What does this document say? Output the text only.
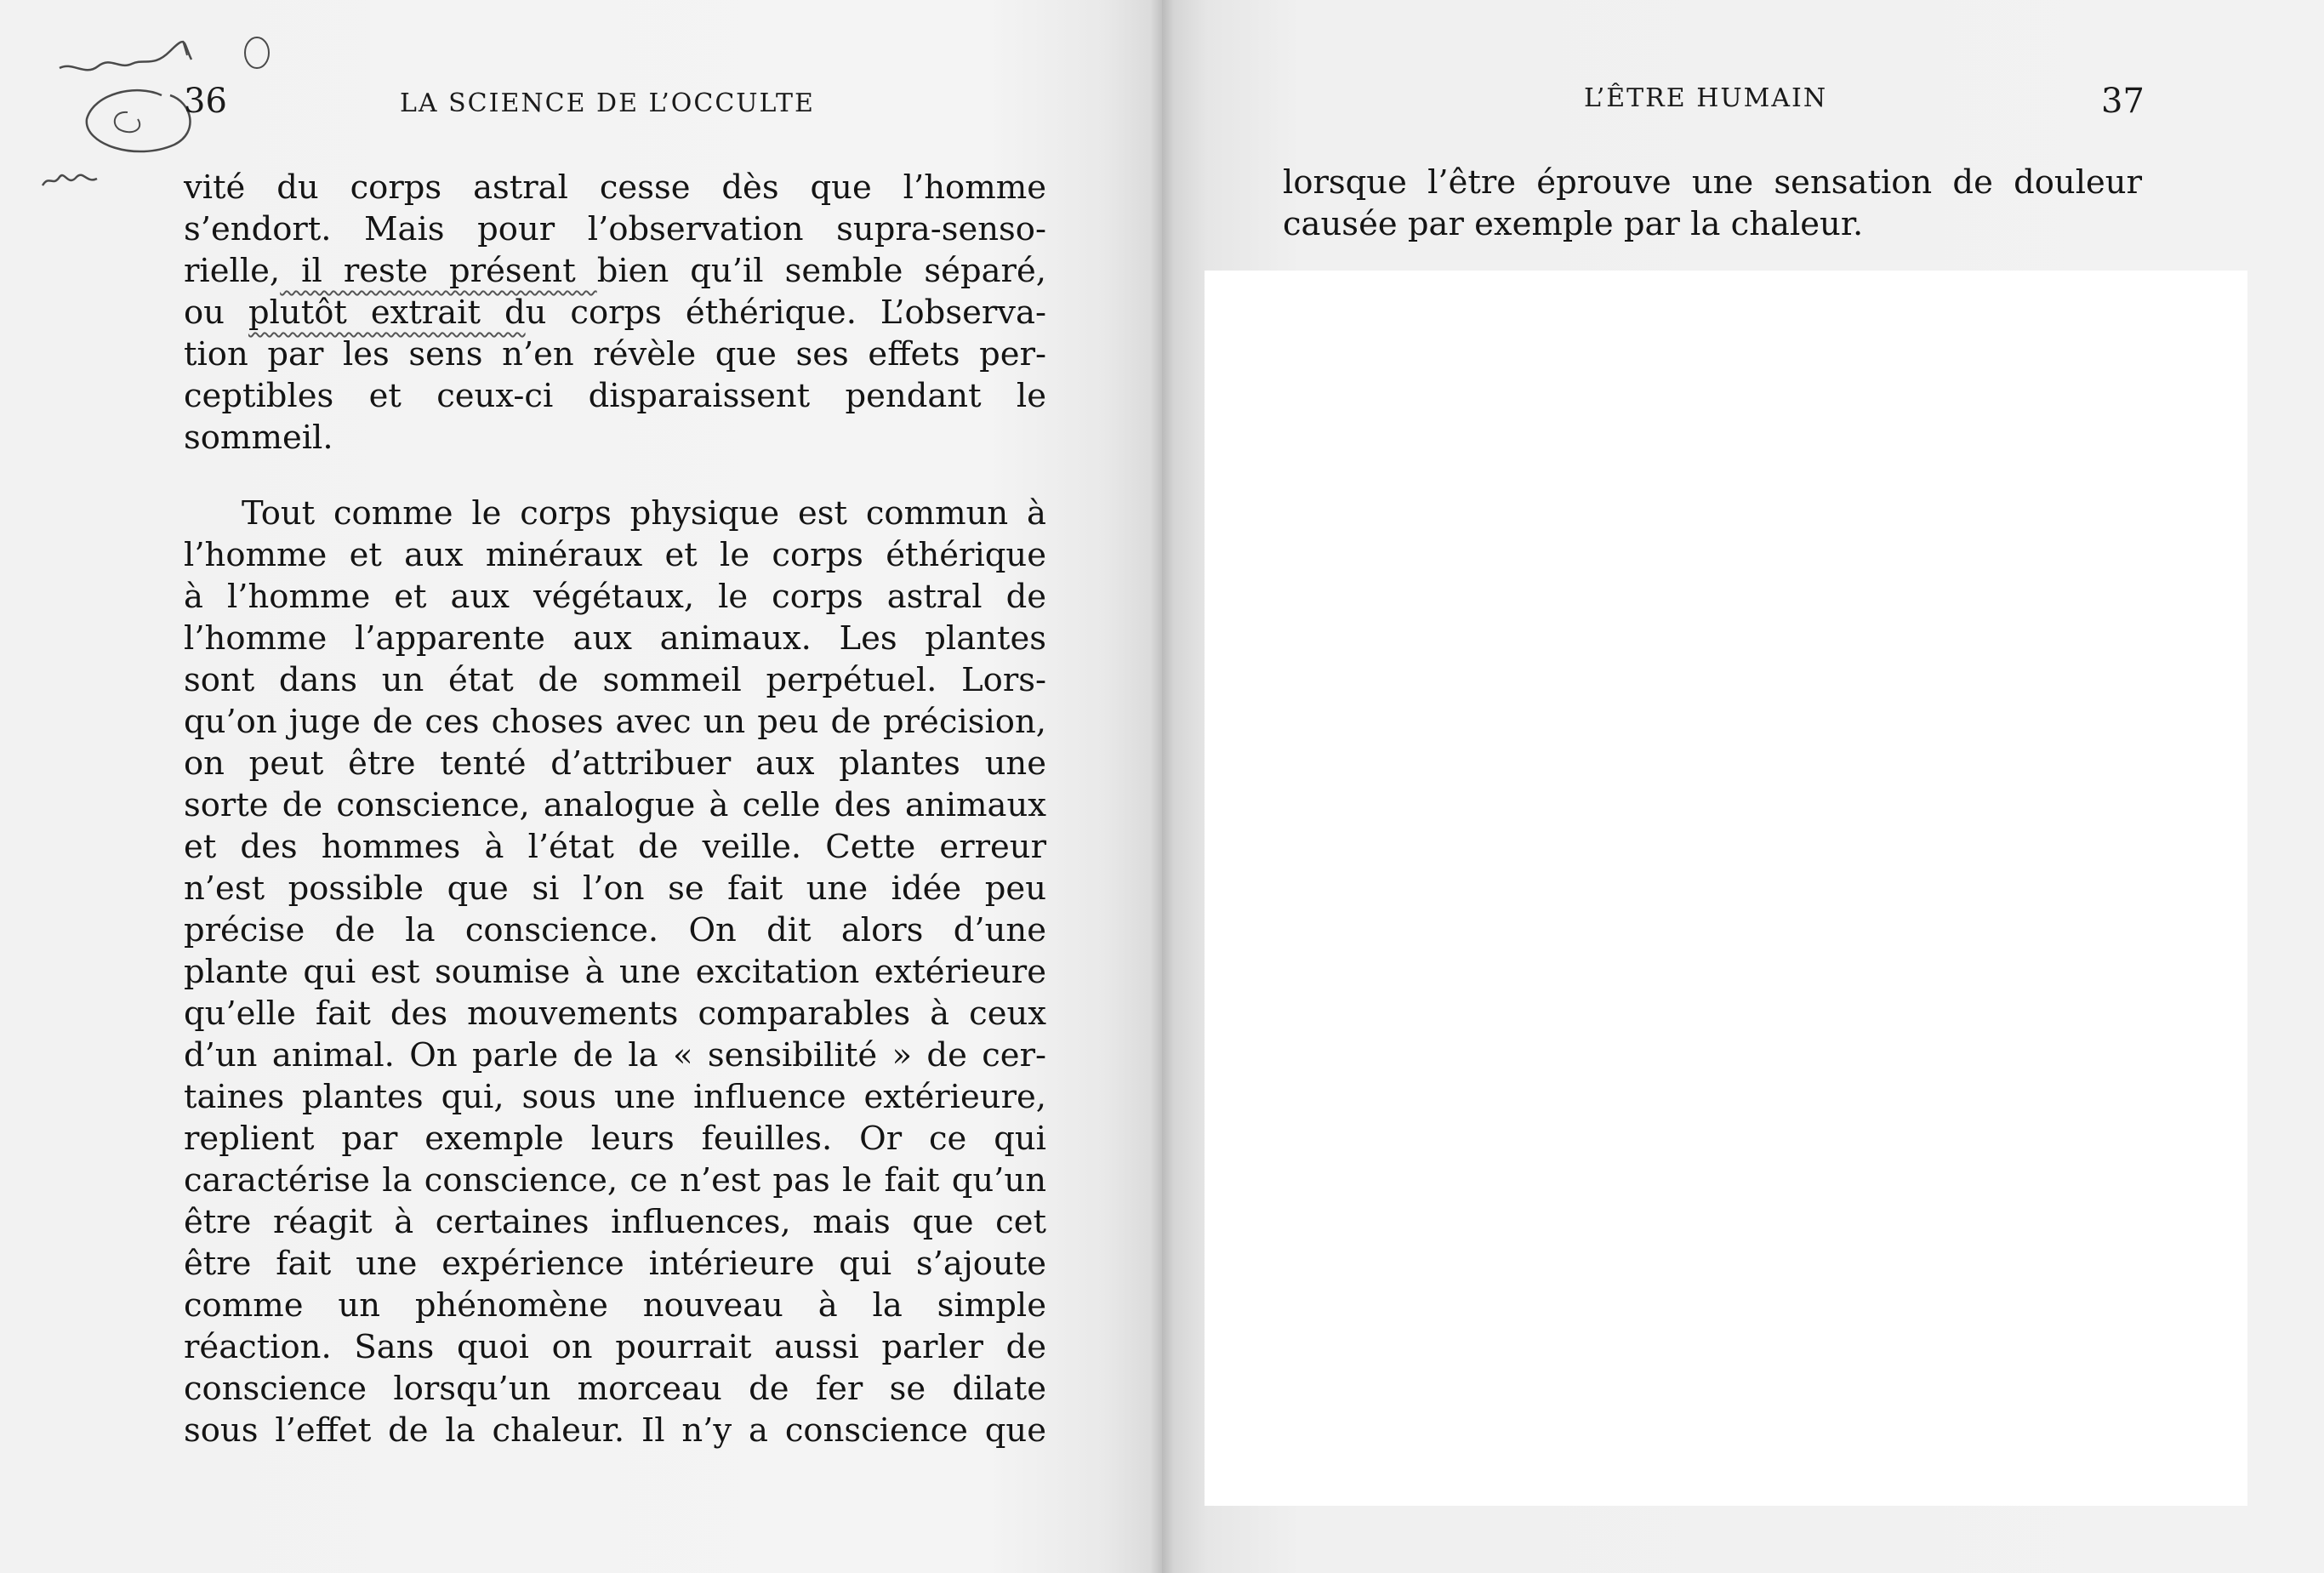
36	LA SCIENCE DE L’OCCULTE	L’ÊTRE HUMAIN	37
vité du corps astral cesse dès que l’homme
s’endort. Mais pour l’observation supra-senso-
rielle, il reste présent bien qu’il semble séparé,
ou plutôt extrait du corps éthérique. L’observa-
tion par les sens n’en révèle que ses effets per-
ceptibles et ceux-ci disparaissent pendant le
sommeil.
Tout comme le corps physique est commun à
l’homme et aux minéraux et le corps éthérique
à l’homme et aux végétaux, le corps astral de
l’homme l’apparente aux animaux. Les plantes
sont dans un état de sommeil perpétuel. Lors-
qu’on juge de ces choses avec un peu de précision,
on peut être tenté d’attribuer aux plantes une
sorte de conscience, analogue à celle des animaux
et des hommes à l’état de veille. Cette erreur
n’est possible que si l’on se fait une idée peu
précise de la conscience. On dit alors d’une
plante qui est soumise à une excitation extérieure
qu’elle fait des mouvements comparables à ceux
d’un animal. On parle de la « sensibilité » de cer-
taines plantes qui, sous une influence extérieure,
replient par exemple leurs feuilles. Or ce qui
caractérise la conscience, ce n’est pas le fait qu’un
être réagit à certaines influences, mais que cet
être fait une expérience intérieure qui s’ajoute
comme un phénomène nouveau à la simple
réaction. Sans quoi on pourrait aussi parler de
conscience lorsqu’un morceau de fer se dilate
sous l’effet de la chaleur. Il n’y a conscience que
lorsque l’être éprouve une sensation de douleur
causée par exemple par la chaleur.
